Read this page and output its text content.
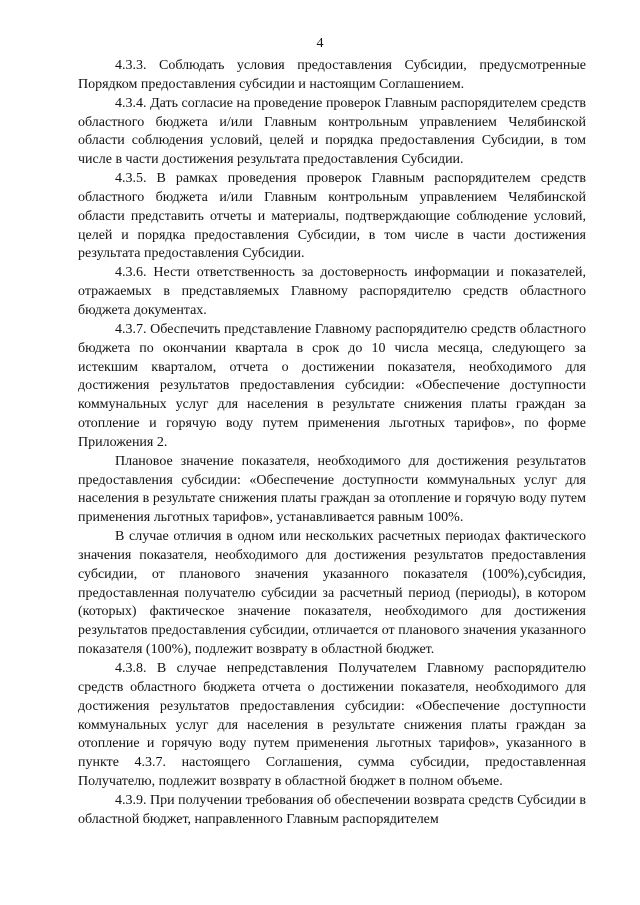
4

4.3.3. Соблюдать условия предоставления Субсидии, предусмотренные Порядком предоставления субсидии и настоящим Соглашением.

4.3.4. Дать согласие на проведение проверок Главным распорядителем средств областного бюджета и/или Главным контрольным управлением Челябинской области соблюдения условий, целей и порядка предоставления Субсидии, в том числе в части достижения результата предоставления Субсидии.

4.3.5. В рамках проведения проверок Главным распорядителем средств областного бюджета и/или Главным контрольным управлением Челябинской области представить отчеты и материалы, подтверждающие соблюдение условий, целей и порядка предоставления Субсидии, в том числе в части достижения результата предоставления Субсидии.

4.3.6. Нести ответственность за достоверность информации и показателей, отражаемых в представляемых Главному распорядителю средств областного бюджета документах.

4.3.7. Обеспечить представление Главному распорядителю средств областного бюджета по окончании квартала в срок до 10 числа месяца, следующего за истекшим кварталом, отчета о достижении показателя, необходимого для достижения результатов предоставления субсидии: «Обеспечение доступности коммунальных услуг для населения в результате снижения платы граждан за отопление и горячую воду путем применения льготных тарифов», по форме Приложения 2.

Плановое значение показателя, необходимого для достижения результатов предоставления субсидии: «Обеспечение доступности коммунальных услуг для населения в результате снижения платы граждан за отопление и горячую воду путем применения льготных тарифов», устанавливается равным 100%.

В случае отличия в одном или нескольких расчетных периодах фактического значения показателя, необходимого для достижения результатов предоставления субсидии, от планового значения указанного показателя (100%),субсидия, предоставленная получателю субсидии за расчетный период (периоды), в котором (которых) фактическое значение показателя, необходимого для достижения результатов предоставления субсидии, отличается от планового значения указанного показателя (100%), подлежит возврату в областной бюджет.

4.3.8. В случае непредставления Получателем Главному распорядителю средств областного бюджета отчета о достижении показателя, необходимого для достижения результатов предоставления субсидии: «Обеспечение доступности коммунальных услуг для населения в результате снижения платы граждан за отопление и горячую воду путем применения льготных тарифов», указанного в пункте 4.3.7. настоящего Соглашения, сумма субсидии, предоставленная Получателю, подлежит возврату в областной бюджет в полном объеме.

4.3.9. При получении требования об обеспечении возврата средств Субсидии в областной бюджет, направленного Главным распорядителем
